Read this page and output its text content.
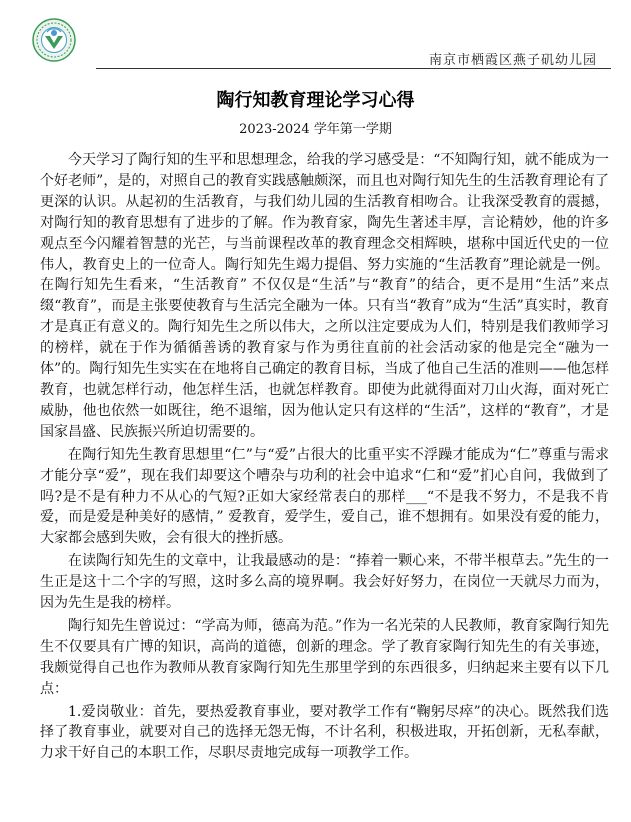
南京市栖霞区燕子矶幼儿园
陶行知教育理论学习心得
2023-2024 学年第一学期

今天学习了陶行知的生平和思想理念，给我的学习感受是：“不知陶行知，就不能成为一个好老师”，是的，对照自己的教育实践感触颇深，而且也对陶行知先生的生活教育理论有了更深的认识。从起初的生活教育，与我们幼儿园的生活教育相吻合。让我深受教育的震撼，对陶行知的教育思想有了进步的了解。作为教育家，陶先生著述丰厚，言论精妙，他的许多观点至今闪耀着智慧的光芒，与当前课程改革的教育理念交相辉映，堪称中国近代史的一位伟人，教育史上的一位奇人。陶行知先生竭力提倡、努力实施的“生活教育”理论就是一例。在陶行知先生看来，“生活教育” 不仅仅是“生活”与“教育”的结合，更不是用“生活”来点缀“教育”，而是主张要使教育与生活完全融为一体。只有当“教育”成为“生活”真实时，教育才是真正有意义的。陶行知先生之所以伟大，之所以注定要成为人们，特别是我们教师学习的榜样，就在于作为循循善诱的教育家与作为勇往直前的社会活动家的他是完全“融为一体”的。陶行知先生实实在在地将自己确定的教育目标，当成了他自己生活的准则——他怎样教育，也就怎样行动，他怎样生活，也就怎样教育。即使为此就得面对刀山火海，面对死亡威胁，他也依然一如既往，绝不退缩，因为他认定只有这样的“生活”，这样的“教育”，才是国家昌盛、民族振兴所迫切需要的。

在陶行知先生教育思想里“仁”与“爱”占很大的比重平实不浮躁才能成为“仁”尊重与需求才能分享“爱”，现在我们却要这个嘈杂与功利的社会中追求“仁和“爱”扪心自问，我做到了吗?是不是有种力不从心的气短?正如大家经常表白的那样___“不是我不努力，不是我不肯爱，而是爱是种美好的感情，” 爱教育，爱学生，爱自己，谁不想拥有。如果没有爱的能力，大家都会感到失败，会有很大的挫折感。

在读陶行知先生的文章中，让我最感动的是：“捧着一颗心来，不带半根草去。”先生的一生正是这十二个字的写照，这时多么高的境界啊。我会好好努力，在岗位一天就尽力而为，因为先生是我的榜样。

陶行知先生曾说过：“学高为师，德高为范。”作为一名光荣的人民教师，教育家陶行知先生不仅要具有广博的知识，高尚的道德，创新的理念。学了教育家陶行知先生的有关事迹，我颇觉得自己也作为教师从教育家陶行知先生那里学到的东西很多，归纳起来主要有以下几点：

1.爱岗敬业：首先，要热爱教育事业，要对教学工作有“鞠躬尽瘁”的决心。既然我们选择了教育事业，就要对自己的选择无怨无悔，不计名利，积极进取，开拓创新，无私奉献，力求干好自己的本职工作，尽职尽责地完成每一项教学工作。
